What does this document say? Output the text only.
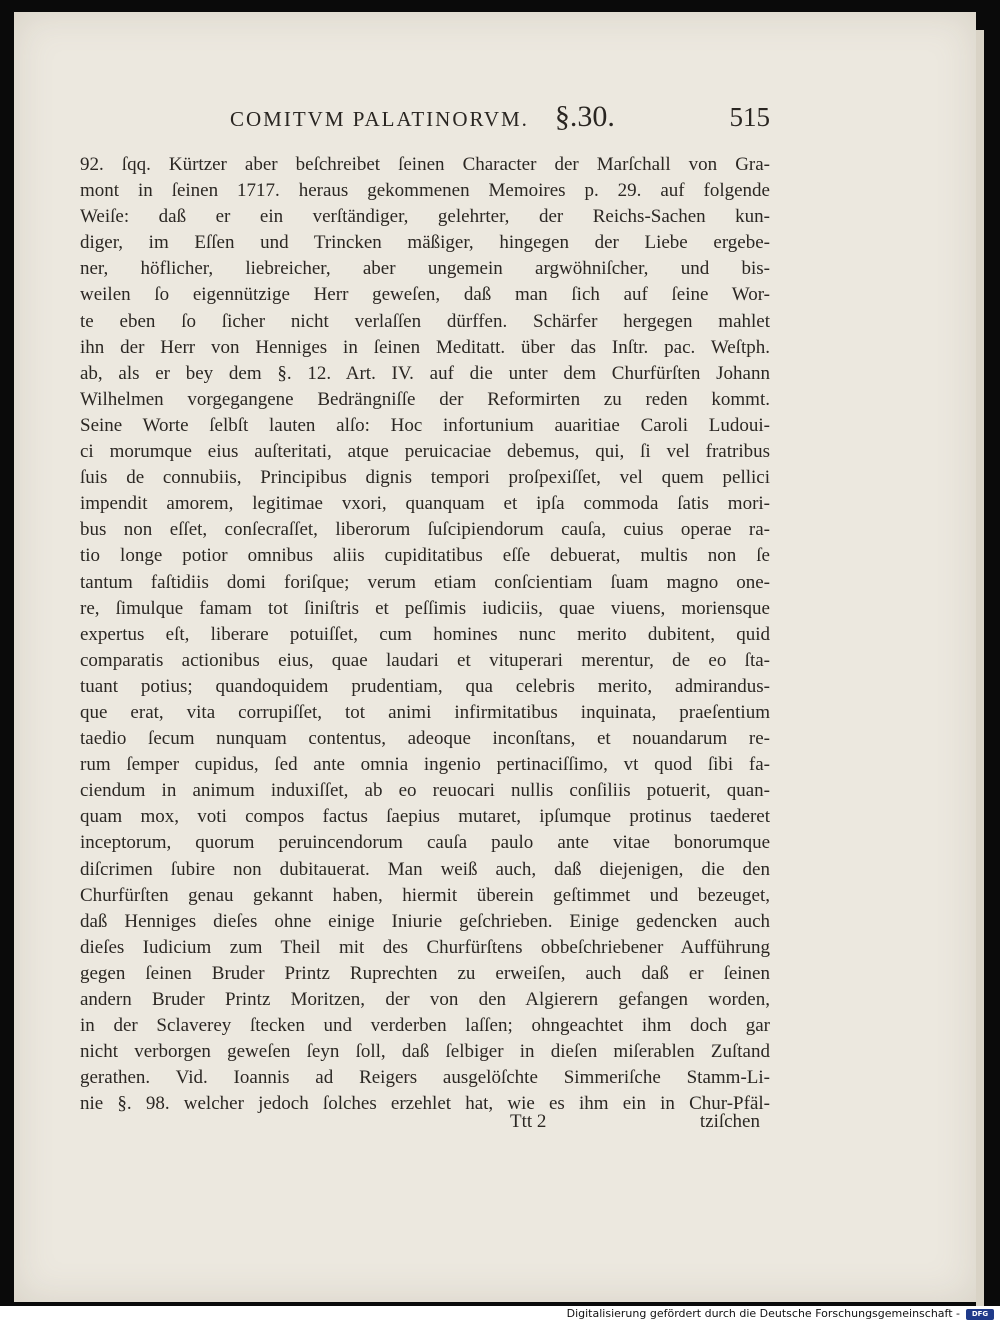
COMITVM PALATINORVM. §.30.	515
92. ſqq. Kürtzer aber beſchreibet ſeinen Character der Marſchall von Gra-
mont in ſeinen 1717. heraus gekommenen Memoires p. 29. auf folgende
Weiſe: daß er ein verſtändiger, gelehrter, der Reichs-Sachen kun-
diger, im Eſſen und Trincken mäßiger, hingegen der Liebe ergebe-
ner, höflicher, liebreicher, aber ungemein argwöhniſcher, und bis-
weilen ſo eigennützige Herr geweſen, daß man ſich auf ſeine Wor-
te eben ſo ſicher nicht verlaſſen dürffen. Schärfer hergegen mahlet
ihn der Herr von Henniges in ſeinen Meditatt. über das Inſtr. pac. Weſtph.
ab, als er bey dem §. 12. Art. IV. auf die unter dem Churfürſten Johann
Wilhelmen vorgegangene Bedrängniſſe der Reformirten zu reden kommt.
Seine Worte ſelbſt lauten alſo: Hoc infortunium auaritiae Caroli Ludoui-
ci morumque eius auſteritati, atque peruicaciae debemus, qui, ſi vel fratribus
ſuis de connubiis, Principibus dignis tempori proſpexiſſet, vel quem pellici
impendit amorem, legitimae vxori, quanquam et ipſa commoda ſatis mori-
bus non eſſet, conſecraſſet, liberorum ſuſcipiendorum cauſa, cuius operae ra-
tio longe potior omnibus aliis cupiditatibus eſſe debuerat, multis non ſe
tantum faſtidiis domi foriſque; verum etiam conſcientiam ſuam magno one-
re, ſimulque famam tot ſiniſtris et peſſimis iudiciis, quae viuens, moriensque
expertus eſt, liberare potuiſſet, cum homines nunc merito dubitent, quid
comparatis actionibus eius, quae laudari et vituperari merentur, de eo ſta-
tuant potius; quandoquidem prudentiam, qua celebris merito, admirandus-
que erat, vita corrupiſſet, tot animi infirmitatibus inquinata, praeſentium
taedio ſecum nunquam contentus, adeoque inconſtans, et nouandarum re-
rum ſemper cupidus, ſed ante omnia ingenio pertinaciſſimo, vt quod ſibi fa-
ciendum in animum induxiſſet, ab eo reuocari nullis conſiliis potuerit, quan-
quam mox, voti compos factus ſaepius mutaret, ipſumque protinus taederet
inceptorum, quorum peruincendorum cauſa paulo ante vitae bonorumque
diſcrimen ſubire non dubitauerat. Man weiß auch, daß diejenigen, die den
Churfürſten genau gekannt haben, hiermit überein geſtimmet und bezeuget,
daß Henniges dieſes ohne einige Iniurie geſchrieben. Einige gedencken auch
dieſes Iudicium zum Theil mit des Churfürſtens obbeſchriebener Aufführung
gegen ſeinen Bruder Printz Ruprechten zu erweiſen, auch daß er ſeinen
andern Bruder Printz Moritzen, der von den Algierern gefangen worden,
in der Sclaverey ſtecken und verderben laſſen; ohngeachtet ihm doch gar
nicht verborgen geweſen ſeyn ſoll, daß ſelbiger in dieſen miſerablen Zuſtand
gerathen. Vid. Ioannis ad Reigers ausgelöſchte Simmeriſche Stamm-Li-
nie §. 98. welcher jedoch ſolches erzehlet hat, wie es ihm ein in Chur-Pfäl-
Ttt 2	tziſchen
Digitalisierung gefördert durch die Deutsche Forschungsgemeinschaft -	DFG
